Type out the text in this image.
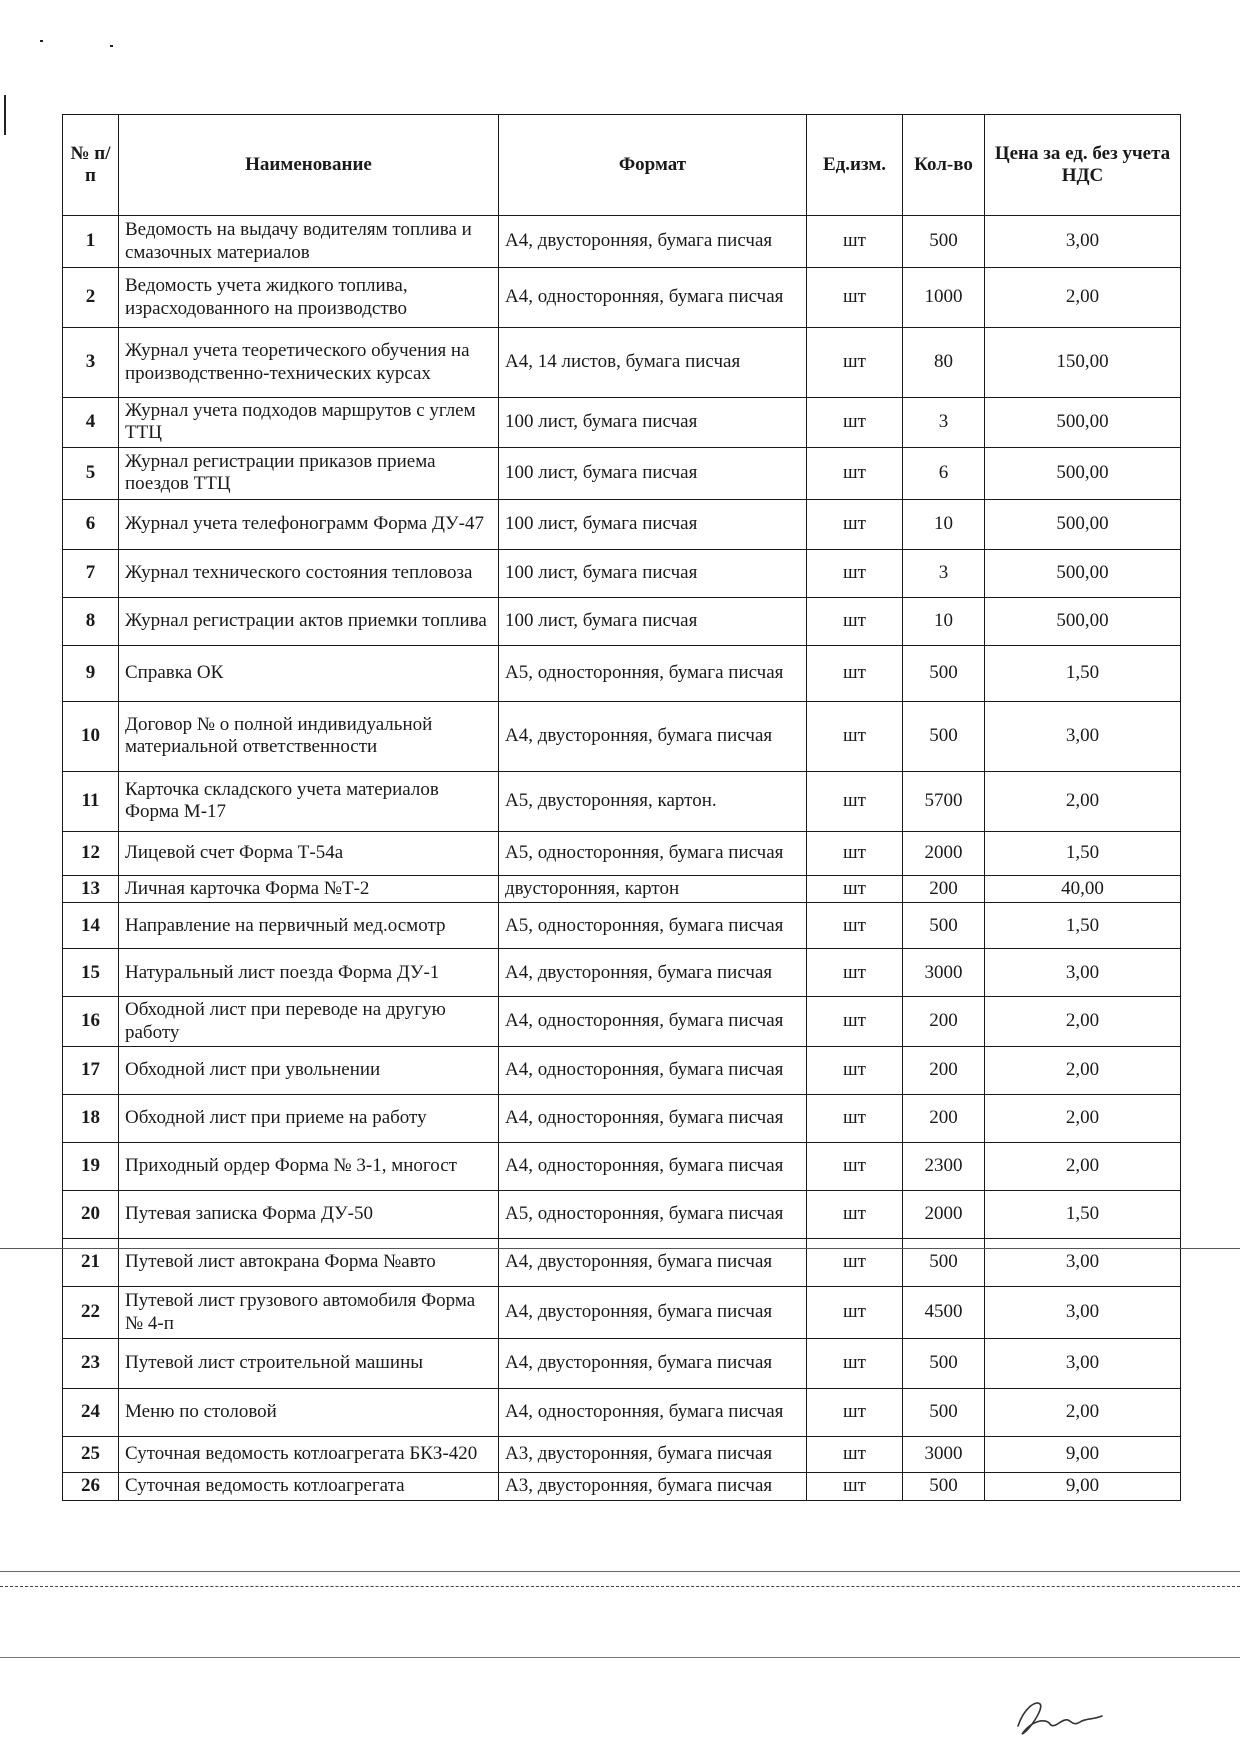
№ п/п	Наименование	Формат	Ед.изм.	Кол-во	Цена за ед. без учета НДС
1	Ведомость на выдачу водителям топлива и смазочных материалов	А4, двусторонняя, бумага писчая	шт	500	3,00
2	Ведомость учета жидкого топлива, израсходованного на производство	А4, односторонняя, бумага писчая	шт	1000	2,00
3	Журнал учета теоретического обучения на производственно-технических курсах	А4, 14 листов, бумага писчая	шт	80	150,00
4	Журнал учета подходов маршрутов с углем ТТЦ	100 лист, бумага писчая	шт	3	500,00
5	Журнал регистрации приказов приема поездов ТТЦ	100 лист, бумага писчая	шт	6	500,00
6	Журнал учета телефонограмм Форма ДУ-47	100 лист, бумага писчая	шт	10	500,00
7	Журнал технического состояния тепловоза	100 лист, бумага писчая	шт	3	500,00
8	Журнал регистрации актов приемки топлива	100 лист, бумага писчая	шт	10	500,00
9	Справка ОК	А5, односторонняя, бумага писчая	шт	500	1,50
10	Договор № о полной индивидуальной материальной ответственности	А4, двусторонняя, бумага писчая	шт	500	3,00
11	Карточка складского учета материалов Форма М-17	А5, двусторонняя, картон.	шт	5700	2,00
12	Лицевой счет Форма Т-54а	А5, односторонняя, бумага писчая	шт	2000	1,50
13	Личная карточка Форма №Т-2	двусторонняя, картон	шт	200	40,00
14	Направление на первичный мед.осмотр	А5, односторонняя, бумага писчая	шт	500	1,50
15	Натуральный лист поезда Форма ДУ-1	А4, двусторонняя, бумага писчая	шт	3000	3,00
16	Обходной лист при переводе на другую работу	А4, односторонняя, бумага писчая	шт	200	2,00
17	Обходной лист при увольнении	А4, односторонняя, бумага писчая	шт	200	2,00
18	Обходной лист при приеме на работу	А4, односторонняя, бумага писчая	шт	200	2,00
19	Приходный ордер Форма № 3-1, многост	А4, односторонняя, бумага писчая	шт	2300	2,00
20	Путевая записка Форма ДУ-50	А5, односторонняя, бумага писчая	шт	2000	1,50
21	Путевой лист автокрана Форма №авто	А4, двусторонняя, бумага писчая	шт	500	3,00
22	Путевой лист грузового автомобиля Форма № 4-п	А4, двусторонняя, бумага писчая	шт	4500	3,00
23	Путевой лист строительной машины	А4, двусторонняя, бумага писчая	шт	500	3,00
24	Меню по столовой	А4, односторонняя, бумага писчая	шт	500	2,00
25	Суточная ведомость котлоагрегата БКЗ-420	А3, двусторонняя, бумага писчая	шт	3000	9,00
26	Суточная ведомость котлоагрегата	А3, двусторонняя, бумага писчая	шт	500	9,00
